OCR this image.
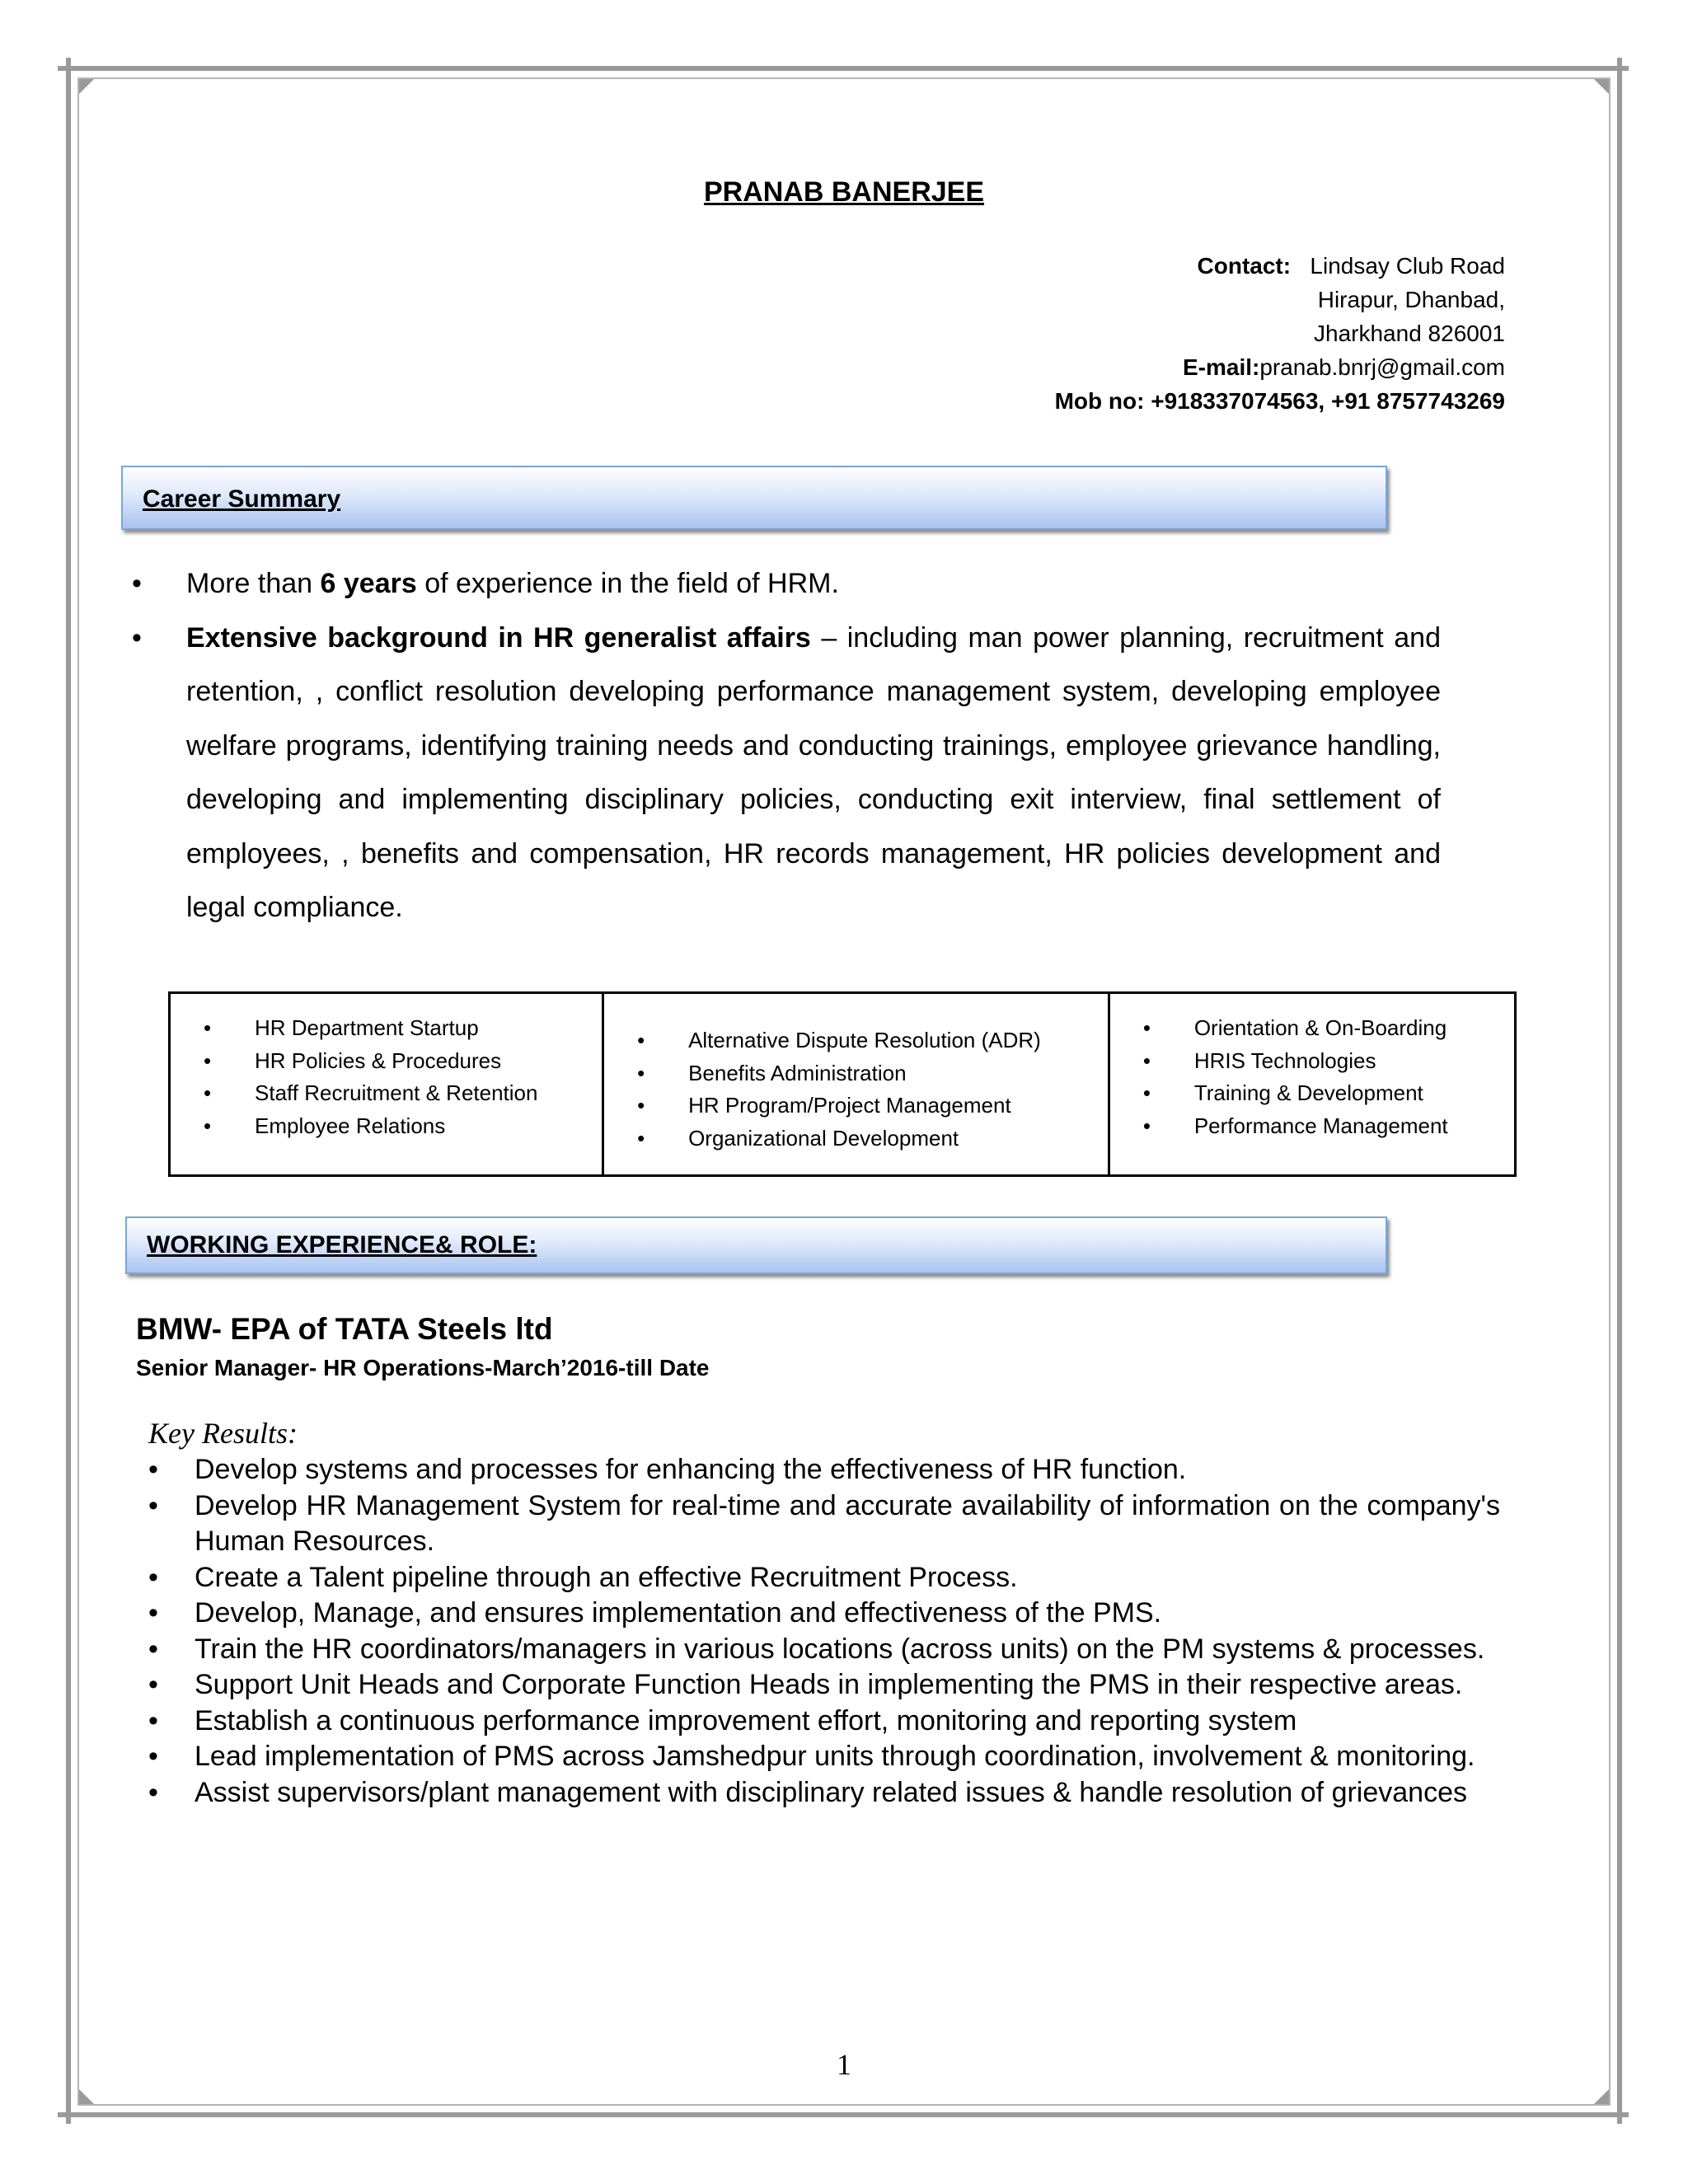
PRANAB BANERJEE
Contact: Lindsay Club Road
Hirapur, Dhanbad,
Jharkhand 826001
E-mail:pranab.bnrj@gmail.com
Mob no: +918337074563, +91 8757743269
Career Summary
• More than 6 years of experience in the field of HRM.
• Extensive background in HR generalist affairs – including man power planning, recruitment and retention, , conflict resolution developing performance management system, developing employee welfare programs, identifying training needs and conducting trainings, employee grievance handling, developing and implementing disciplinary policies, conducting exit interview, final settlement of employees, , benefits and compensation, HR records management, HR policies development and legal compliance.
• HR Department Startup
• HR Policies & Procedures
• Staff Recruitment & Retention
• Employee Relations
• Alternative Dispute Resolution (ADR)
• Benefits Administration
• HR Program/Project Management
• Organizational Development
• Orientation & On-Boarding
• HRIS Technologies
• Training & Development
• Performance Management
WORKING EXPERIENCE& ROLE:
BMW- EPA of TATA Steels ltd
Senior Manager- HR Operations-March’2016-till Date
Key Results:
• Develop systems and processes for enhancing the effectiveness of HR function.
• Develop HR Management System for real-time and accurate availability of information on the company's Human Resources.
• Create a Talent pipeline through an effective Recruitment Process.
• Develop, Manage, and ensures implementation and effectiveness of the PMS.
• Train the HR coordinators/managers in various locations (across units) on the PM systems & processes.
• Support Unit Heads and Corporate Function Heads in implementing the PMS in their respective areas.
• Establish a continuous performance improvement effort, monitoring and reporting system
• Lead implementation of PMS across Jamshedpur units through coordination, involvement & monitoring.
• Assist supervisors/plant management with disciplinary related issues & handle resolution of grievances
1
